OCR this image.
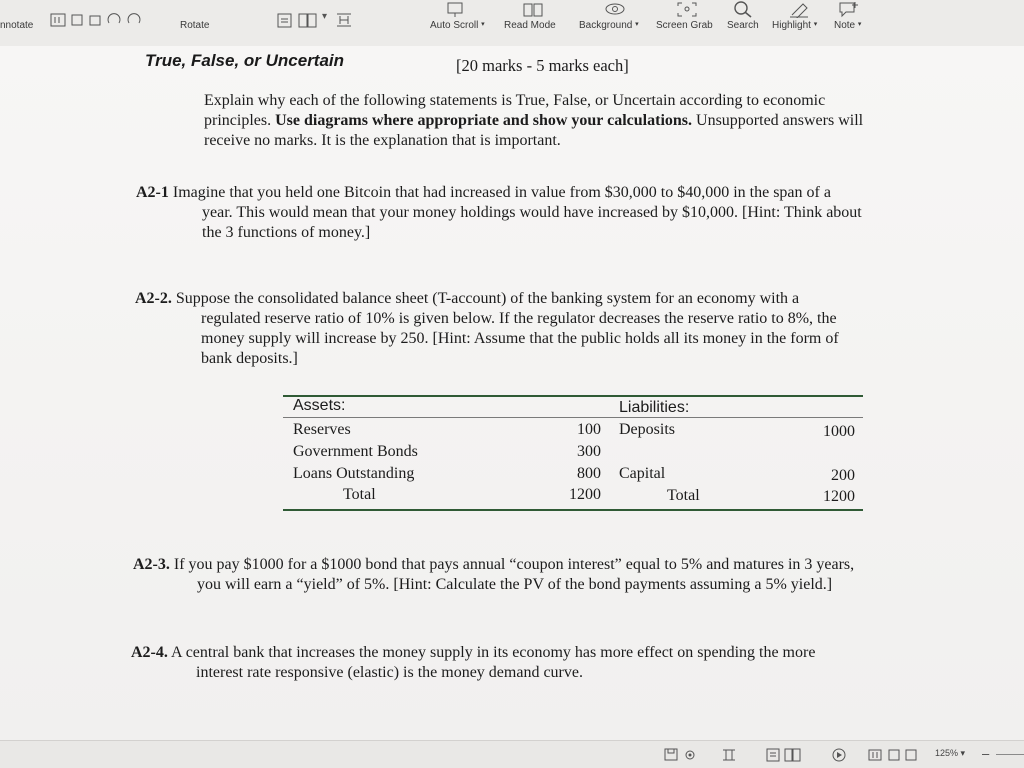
nnotate	Rotate
▾
Auto Scroll ▾ Read Mode Background ▾ Screen Grab Search Highlight ▾ Note ▾
True, False, or Uncertain	[20 marks - 5 marks each]
Explain why each of the following statements is True, False, or Uncertain according to economic
principles. Use diagrams where appropriate and show your calculations. Unsupported answers will
receive no marks. It is the explanation that is important.
A2-1 Imagine that you held one Bitcoin that had increased in value from $30,000 to $40,000 in the span of a
year. This would mean that your money holdings would have increased by $10,000. [Hint: Think about
the 3 functions of money.]
A2-2. Suppose the consolidated balance sheet (T-account) of the banking system for an economy with a
regulated reserve ratio of 10% is given below. If the regulator decreases the reserve ratio to 8%, the
money supply will increase by 250. [Hint: Assume that the public holds all its money in the form of
bank deposits.]
Assets:	Liabilities:
Reserves	100 Deposits	1000
Government Bonds	300
Loans Outstanding	800 Capital	200
Total	1200	Total	1200
A2-3. If you pay $1000 for a $1000 bond that pays annual “coupon interest” equal to 5% and matures in 3 years,
you will earn a “yield” of 5%. [Hint: Calculate the PV of the bond payments assuming a 5% yield.]
A2-4. A central bank that increases the money supply in its economy has more effect on spending the more
interest rate responsive (elastic) is the money demand curve.
125% ▾ –
